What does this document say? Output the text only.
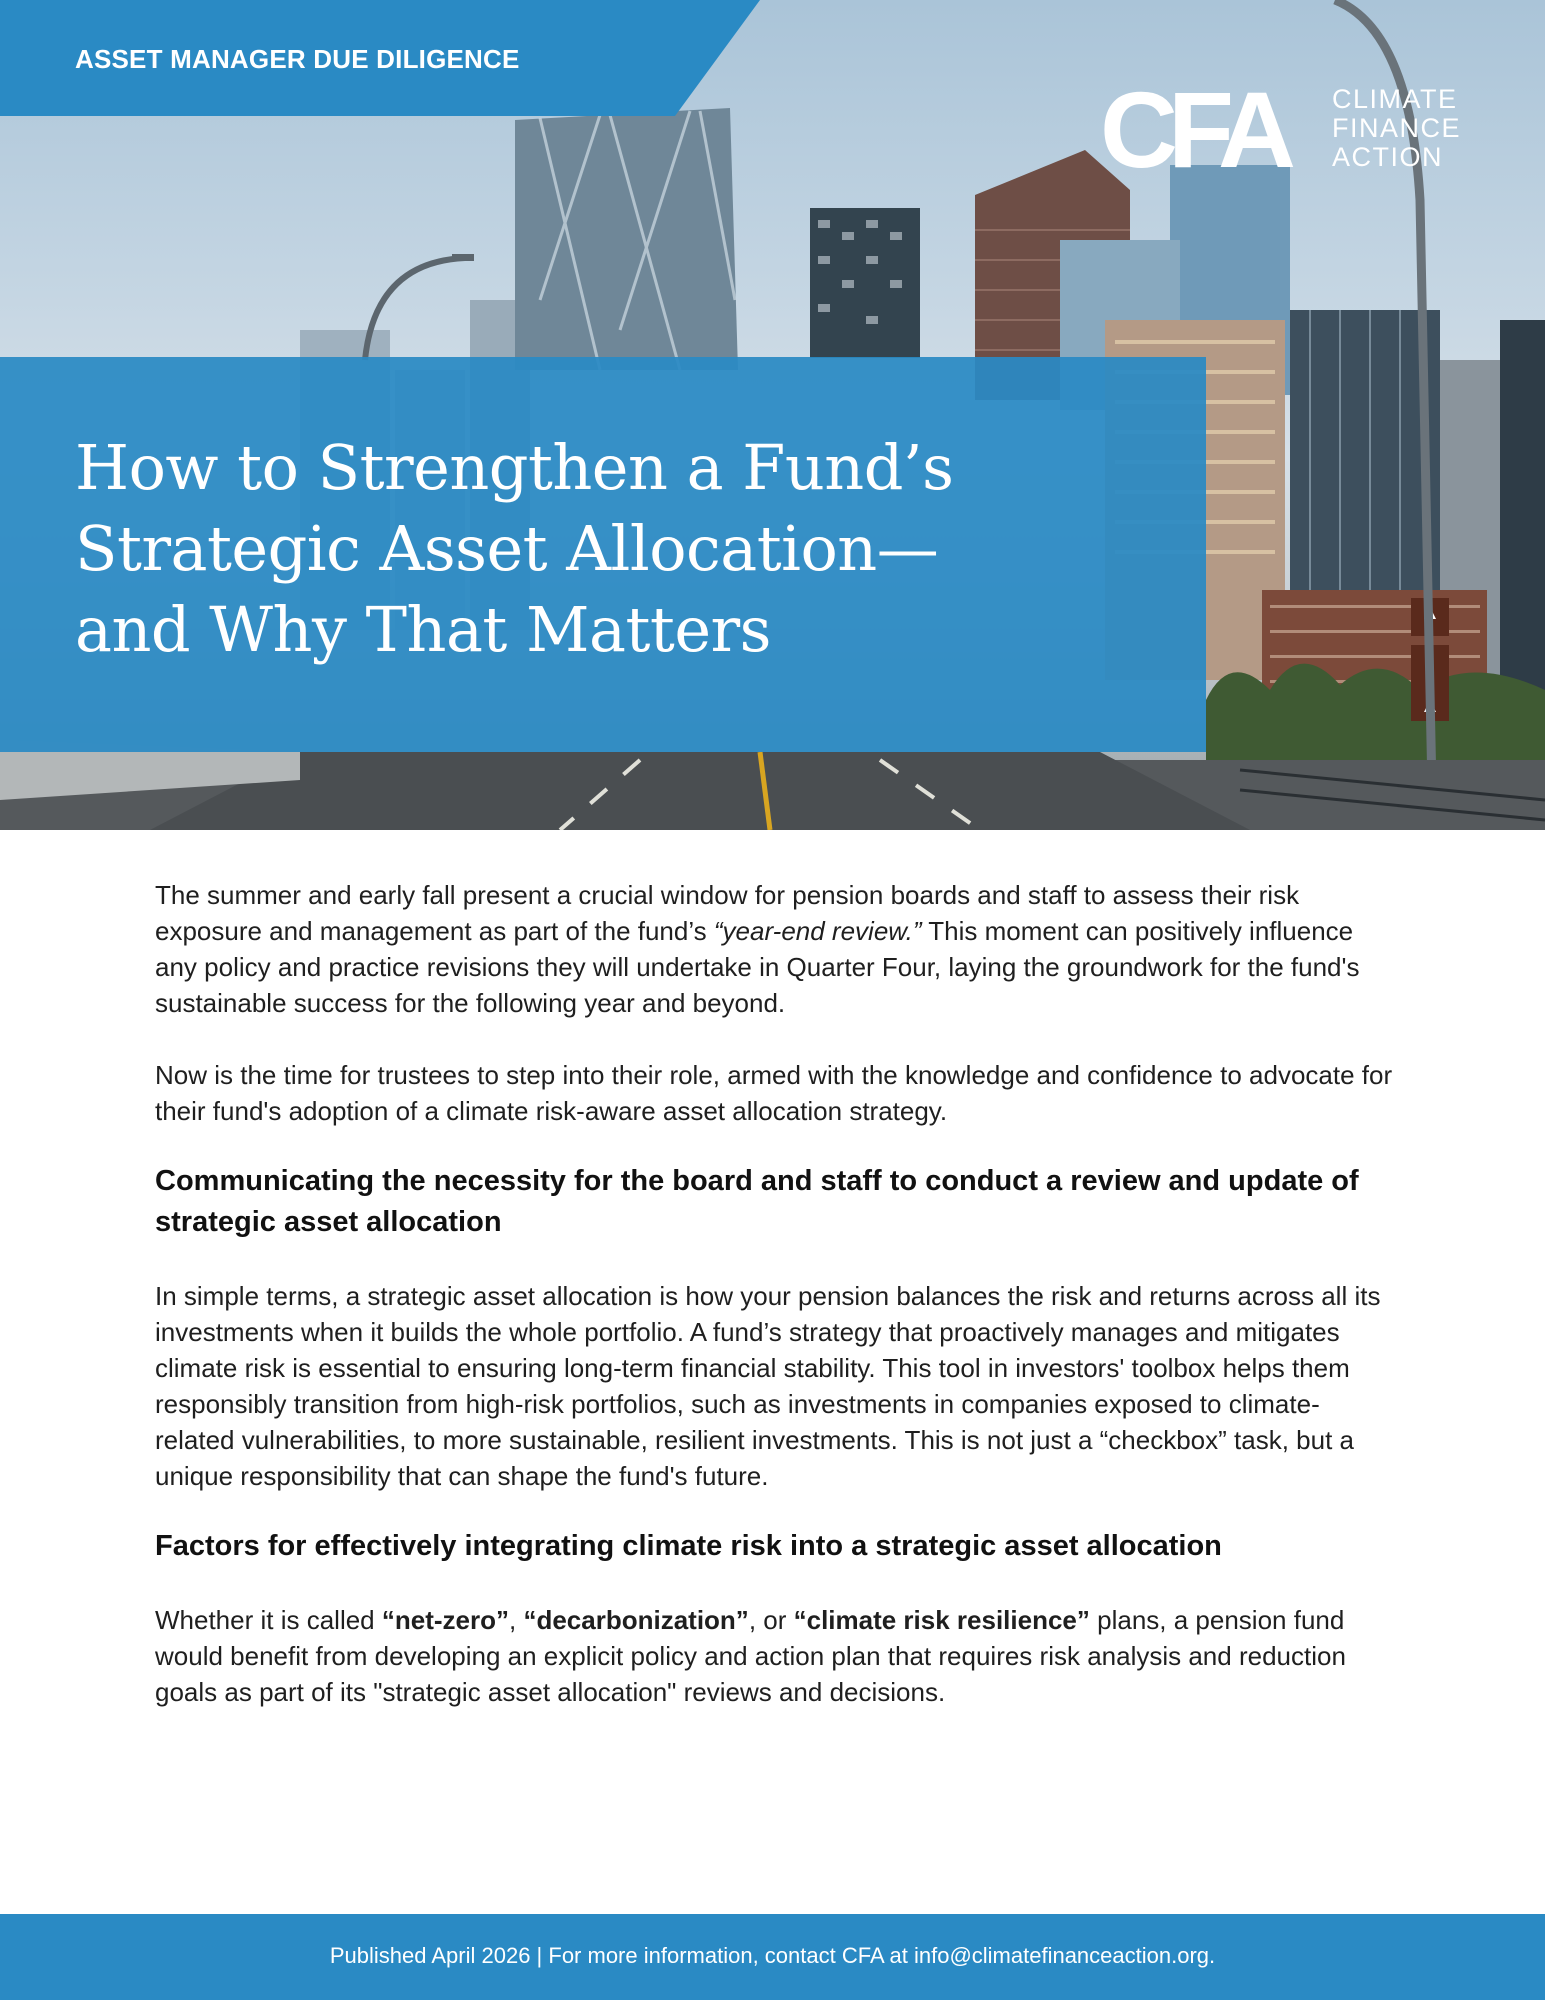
ASSET MANAGER DUE DILIGENCE
CFA CLIMATE
FINANCE
ACTION
How to Strengthen a Fund’s
Strategic Asset Allocation—
and Why That Matters

The summer and early fall present a crucial window for pension boards and staff to assess their risk exposure and management as part of the fund’s “year-end review.” This moment can positively influence any policy and practice revisions they will undertake in Quarter Four, laying the groundwork for the fund's sustainable success for the following year and beyond.

Now is the time for trustees to step into their role, armed with the knowledge and confidence to advocate for their fund's adoption of a climate risk-aware asset allocation strategy.

Communicating the necessity for the board and staff to conduct a review and update of strategic asset allocation

In simple terms, a strategic asset allocation is how your pension balances the risk and returns across all its investments when it builds the whole portfolio. A fund’s strategy that proactively manages and mitigates climate risk is essential to ensuring long-term financial stability. This tool in investors' toolbox helps them responsibly transition from high-risk portfolios, such as investments in companies exposed to climate-related vulnerabilities, to more sustainable, resilient investments. This is not just a “checkbox” task, but a unique responsibility that can shape the fund's future.

Factors for effectively integrating climate risk into a strategic asset allocation

Whether it is called “net-zero”, “decarbonization”, or “climate risk resilience” plans, a pension fund would benefit from developing an explicit policy and action plan that requires risk analysis and reduction goals as part of its "strategic asset allocation" reviews and decisions.

Published April 2026 | For more information, contact CFA at info@climatefinanceaction.org.
